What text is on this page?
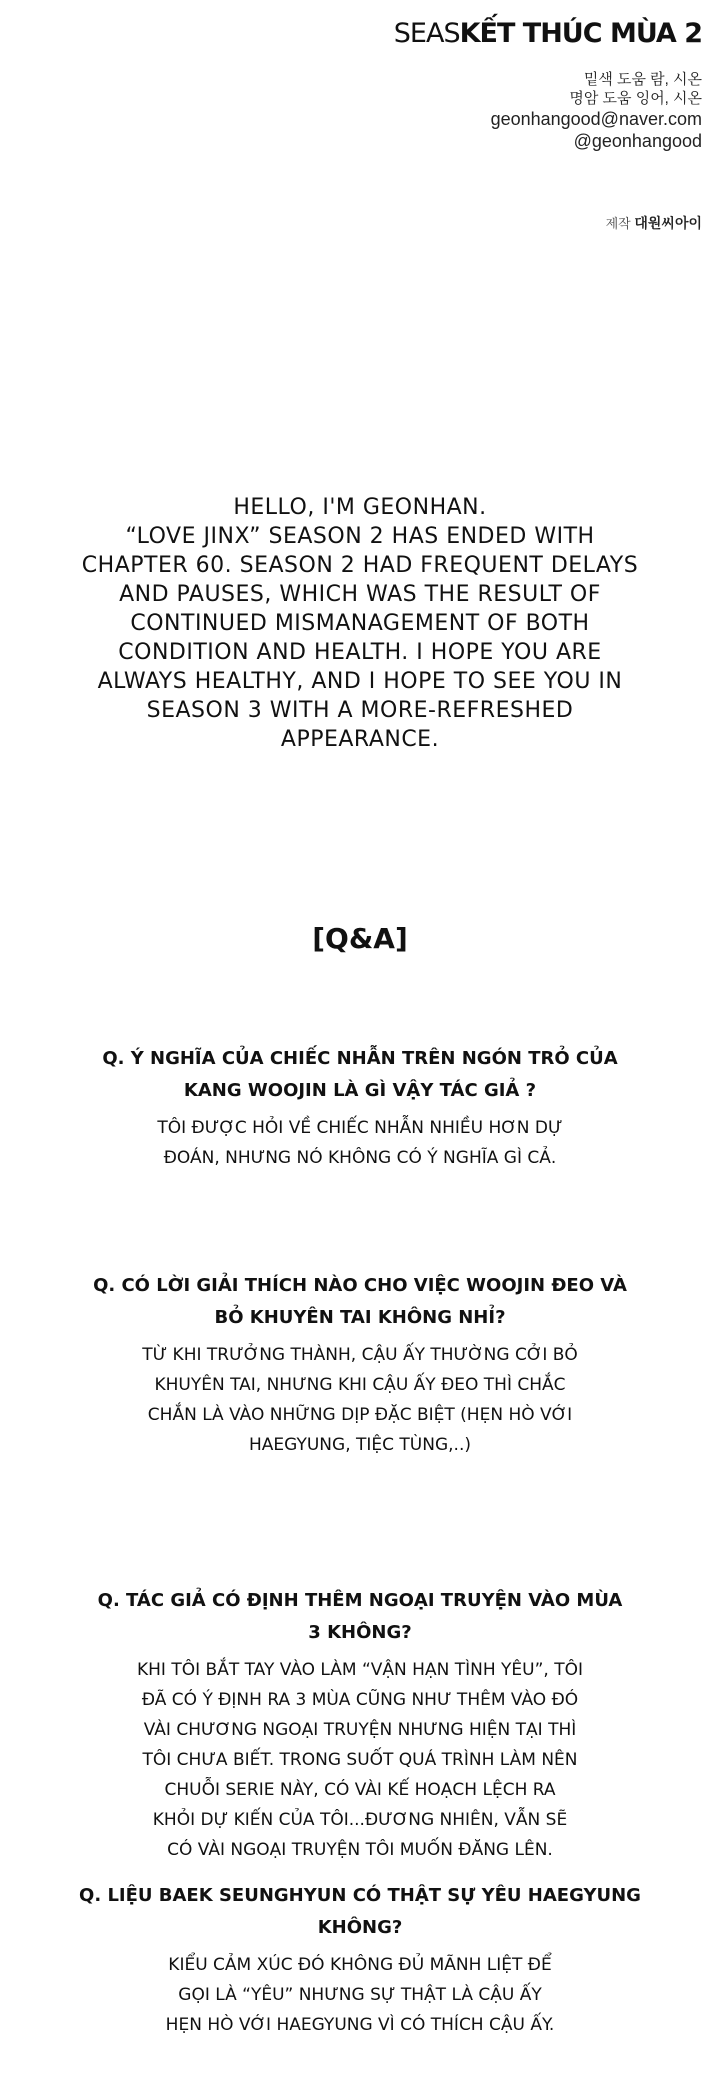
SEASKẾT THÚC MÙA 2
밑색 도움 람, 시온
명암 도움 잉어, 시온
geonhangood@naver.com
@geonhangood
제작 대원씨아이
HELLO, I'M GEONHAN.
“LOVE JINX” SEASON 2 HAS ENDED WITH
CHAPTER 60. SEASON 2 HAD FREQUENT DELAYS
AND PAUSES, WHICH WAS THE RESULT OF
CONTINUED MISMANAGEMENT OF BOTH
CONDITION AND HEALTH. I HOPE YOU ARE
ALWAYS HEALTHY, AND I HOPE TO SEE YOU IN
SEASON 3 WITH A MORE-REFRESHED
APPEARANCE.
[Q&A]
Q. Ý NGHĨA CỦA CHIẾC NHẪN TRÊN NGÓN TRỎ CỦA
KANG WOOJIN LÀ GÌ VẬY TÁC GIẢ ?
TÔI ĐƯỢC HỎI VỀ CHIẾC NHẪN NHIỀU HƠN DỰ
ĐOÁN, NHƯNG NÓ KHÔNG CÓ Ý NGHĨA GÌ CẢ.
Q. CÓ LỜI GIẢI THÍCH NÀO CHO VIỆC WOOJIN ĐEO VÀ
BỎ KHUYÊN TAI KHÔNG NHỈ?
TỪ KHI TRƯỞNG THÀNH, CẬU ẤY THƯỜNG CỞI BỎ
KHUYÊN TAI, NHƯNG KHI CẬU ẤY ĐEO THÌ CHẮC
CHẮN LÀ VÀO NHỮNG DỊP ĐẶC BIỆT (HẸN HÒ VỚI
HAEGYUNG, TIỆC TÙNG,..)
Q. TÁC GIẢ CÓ ĐỊNH THÊM NGOẠI TRUYỆN VÀO MÙA
3 KHÔNG?
KHI TÔI BẮT TAY VÀO LÀM “VẬN HẠN TÌNH YÊU”, TÔI
ĐÃ CÓ Ý ĐỊNH RA 3 MÙA CŨNG NHƯ THÊM VÀO ĐÓ
VÀI CHƯƠNG NGOẠI TRUYỆN NHƯNG HIỆN TẠI THÌ
TÔI CHƯA BIẾT. TRONG SUỐT QUÁ TRÌNH LÀM NÊN
CHUỖI SERIE NÀY, CÓ VÀI KẾ HOẠCH LỆCH RA
KHỎI DỰ KIẾN CỦA TÔI...ĐƯƠNG NHIÊN, VẪN SẼ
CÓ VÀI NGOẠI TRUYỆN TÔI MUỐN ĐĂNG LÊN.
Q. LIỆU BAEK SEUNGHYUN CÓ THẬT SỰ YÊU HAEGYUNG KHÔNG?
KIỂU CẢM XÚC ĐÓ KHÔNG ĐỦ MÃNH LIỆT ĐỂ
GỌI LÀ “YÊU” NHƯNG SỰ THẬT LÀ CẬU ẤY
HẸN HÒ VỚI HAEGYUNG VÌ CÓ THÍCH CẬU ẤY.
